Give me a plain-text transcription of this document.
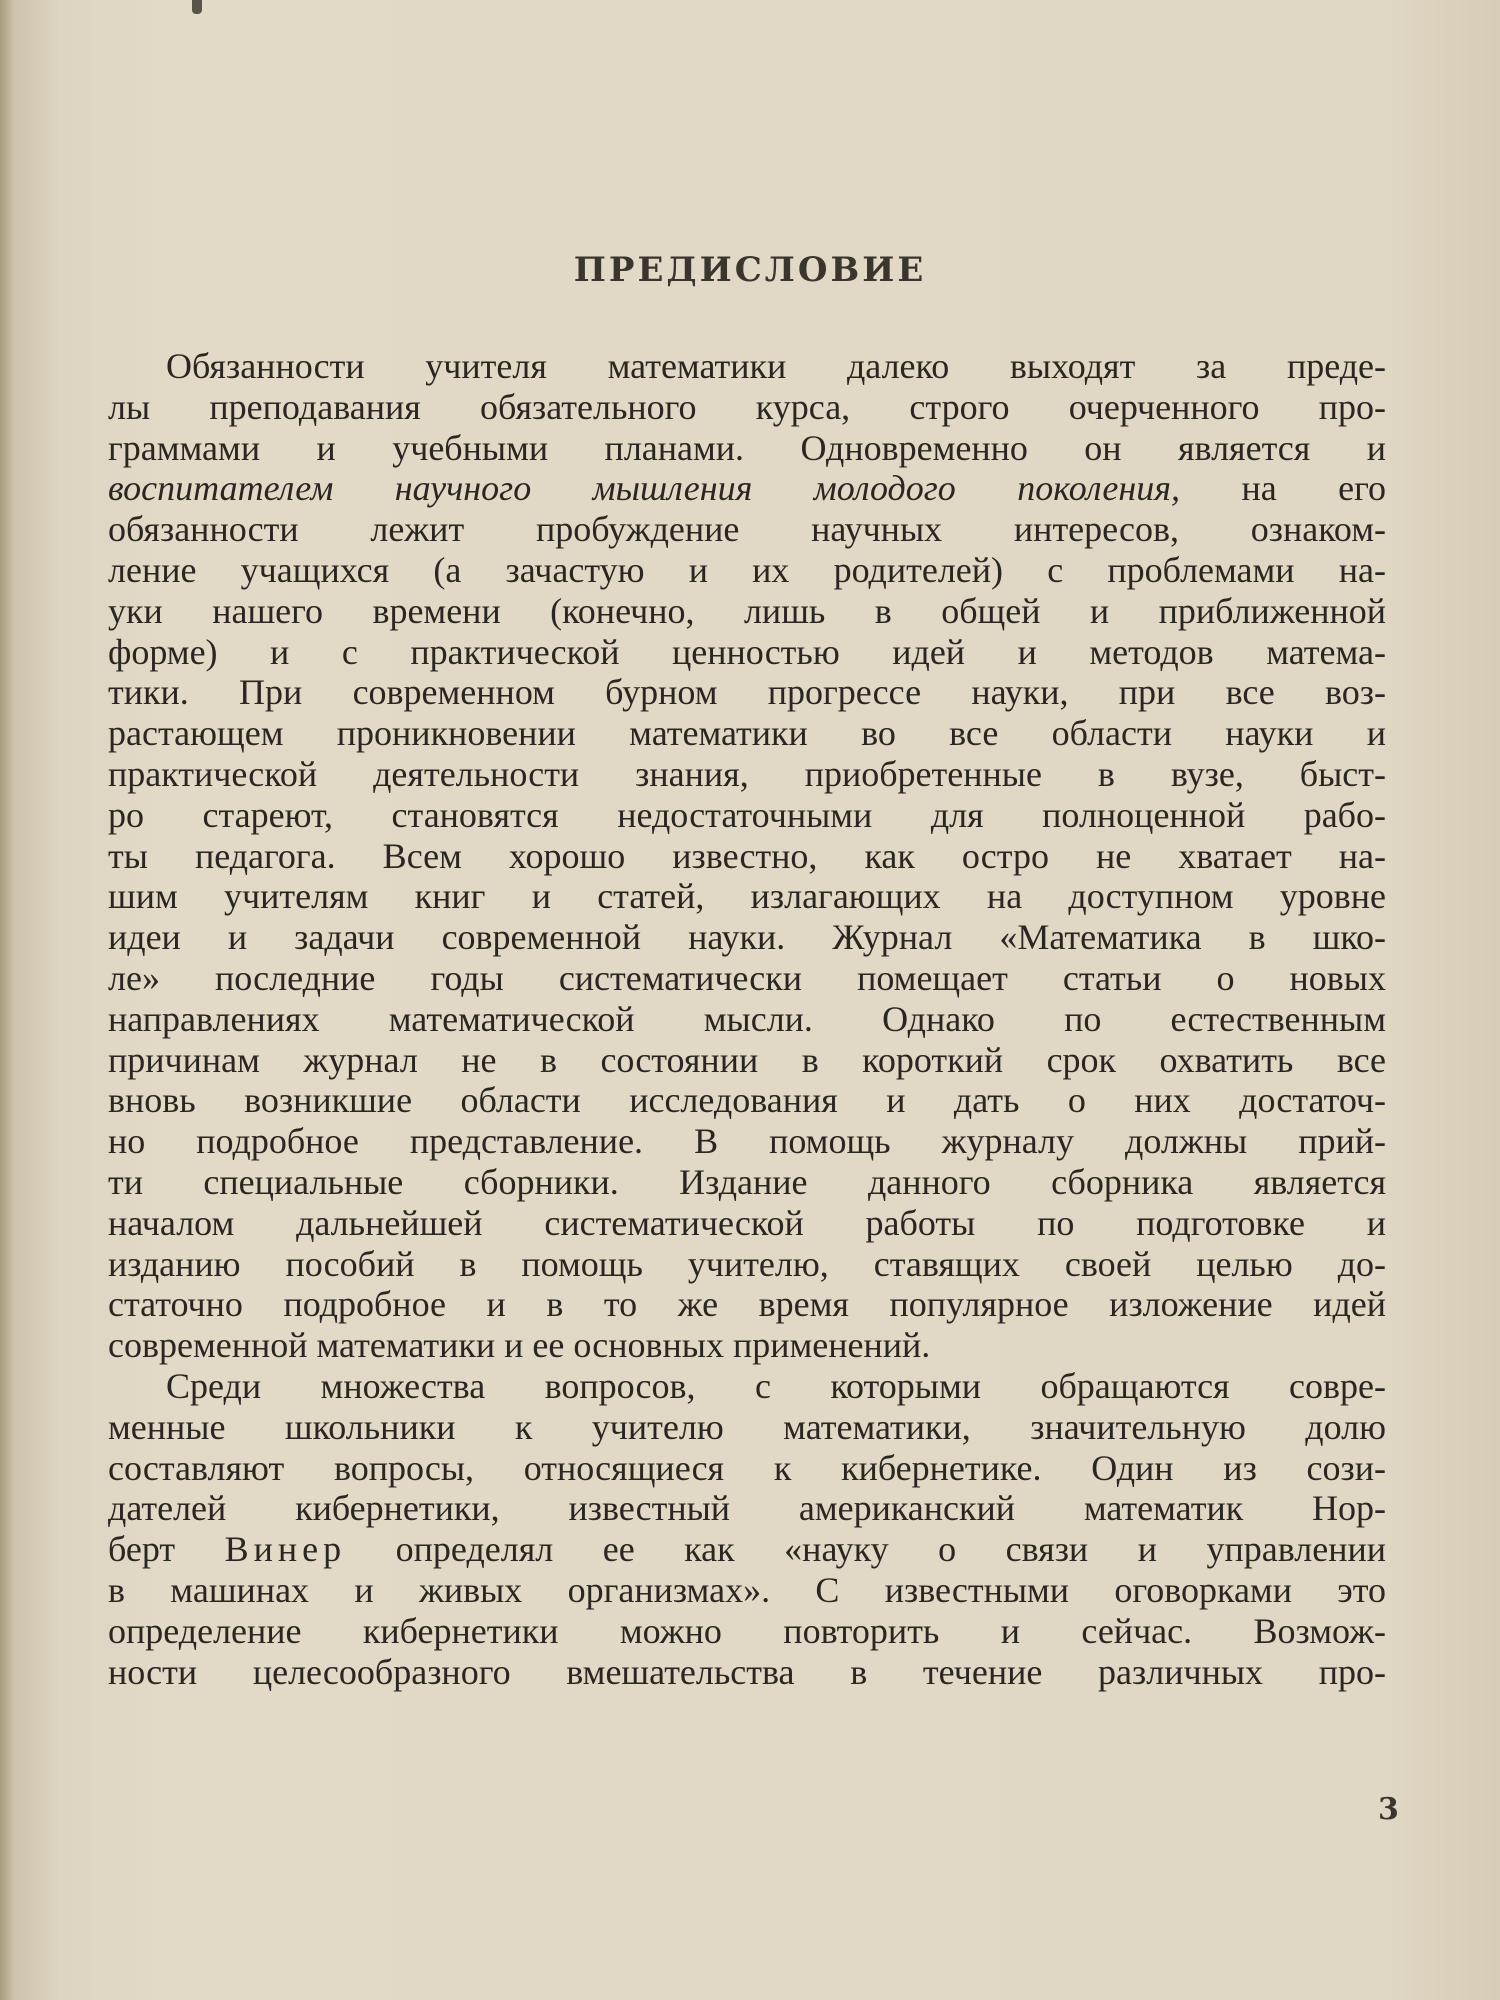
ПРЕДИСЛОВИЕ
Обязанности учителя математики далеко выходят за преде-
лы преподавания обязательного курса, строго очерченного про-
граммами и учебными планами. Одновременно он является и
воспитателем научного мышления молодого поколения, на его
обязанности лежит пробуждение научных интересов, ознаком-
ление учащихся (а зачастую и их родителей) с проблемами на-
уки нашего времени (конечно, лишь в общей и приближенной
форме) и с практической ценностью идей и методов матема-
тики. При современном бурном прогрессе науки, при все воз-
растающем проникновении математики во все области науки и
практической деятельности знания, приобретенные в вузе, быст-
ро стареют, становятся недостаточными для полноценной рабо-
ты педагога. Всем хорошо известно, как остро не хватает на-
шим учителям книг и статей, излагающих на доступном уровне
идеи и задачи современной науки. Журнал «Математика в шко-
ле» последние годы систематически помещает статьи о новых
направлениях математической мысли. Однако по естественным
причинам журнал не в состоянии в короткий срок охватить все
вновь возникшие области исследования и дать о них достаточ-
но подробное представление. В помощь журналу должны прий-
ти специальные сборники. Издание данного сборника является
началом дальнейшей систематической работы по подготовке и
изданию пособий в помощь учителю, ставящих своей целью до-
статочно подробное и в то же время популярное изложение идей
современной математики и ее основных применений.
Среди множества вопросов, с которыми обращаются совре-
менные школьники к учителю математики, значительную долю
составляют вопросы, относящиеся к кибернетике. Один из сози-
дателей кибернетики, известный американский математик Нор-
берт Винер определял ее как «науку о связи и управлении
в машинах и живых организмах». С известными оговорками это
определение кибернетики можно повторить и сейчас. Возмож-
ности целесообразного вмешательства в течение различных про-
3
